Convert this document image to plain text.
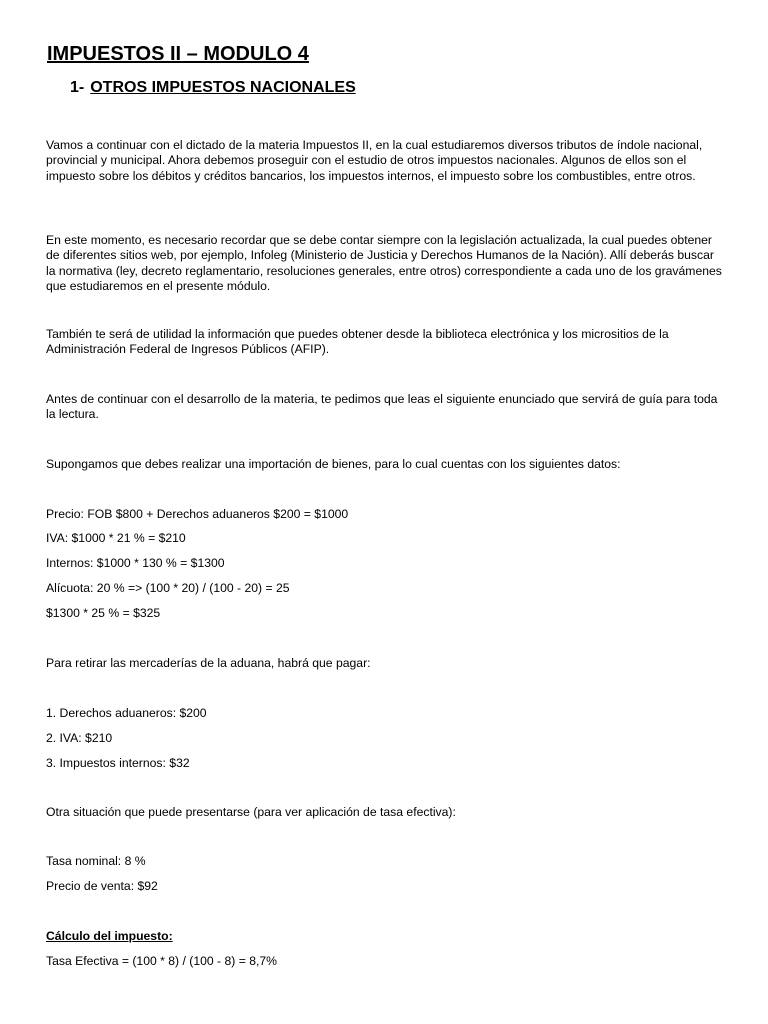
IMPUESTOS II – MODULO 4
1- OTROS IMPUESTOS NACIONALES

Vamos a continuar con el dictado de la materia Impuestos II, en la cual estudiaremos diversos tributos de índole nacional, provincial y municipal. Ahora debemos proseguir con el estudio de otros impuestos nacionales. Algunos de ellos son el impuesto sobre los débitos y créditos bancarios, los impuestos internos, el impuesto sobre los combustibles, entre otros.

En este momento, es necesario recordar que se debe contar siempre con la legislación actualizada, la cual puedes obtener de diferentes sitios web, por ejemplo, Infoleg (Ministerio de Justicia y Derechos Humanos de la Nación). Allí deberás buscar la normativa (ley, decreto reglamentario, resoluciones generales, entre otros) correspondiente a cada uno de los gravámenes que estudiaremos en el presente módulo.

También te será de utilidad la información que puedes obtener desde la biblioteca electrónica y los micrositios de la Administración Federal de Ingresos Públicos (AFIP).

Antes de continuar con el desarrollo de la materia, te pedimos que leas el siguiente enunciado que servirá de guía para toda la lectura.

Supongamos que debes realizar una importación de bienes, para lo cual cuentas con los siguientes datos:

Precio: FOB $800 + Derechos aduaneros $200 = $1000

IVA: $1000 * 21 % = $210

Internos: $1000 * 130 % = $1300

Alícuota: 20 % => (100 * 20) / (100 - 20) = 25

$1300 * 25 % = $325

Para retirar las mercaderías de la aduana, habrá que pagar:

1. Derechos aduaneros: $200

2. IVA: $210

3. Impuestos internos: $32

Otra situación que puede presentarse (para ver aplicación de tasa efectiva):

Tasa nominal: 8 %

Precio de venta: $92

Cálculo del impuesto:

Tasa Efectiva = (100 * 8) / (100 - 8) = 8,7%
